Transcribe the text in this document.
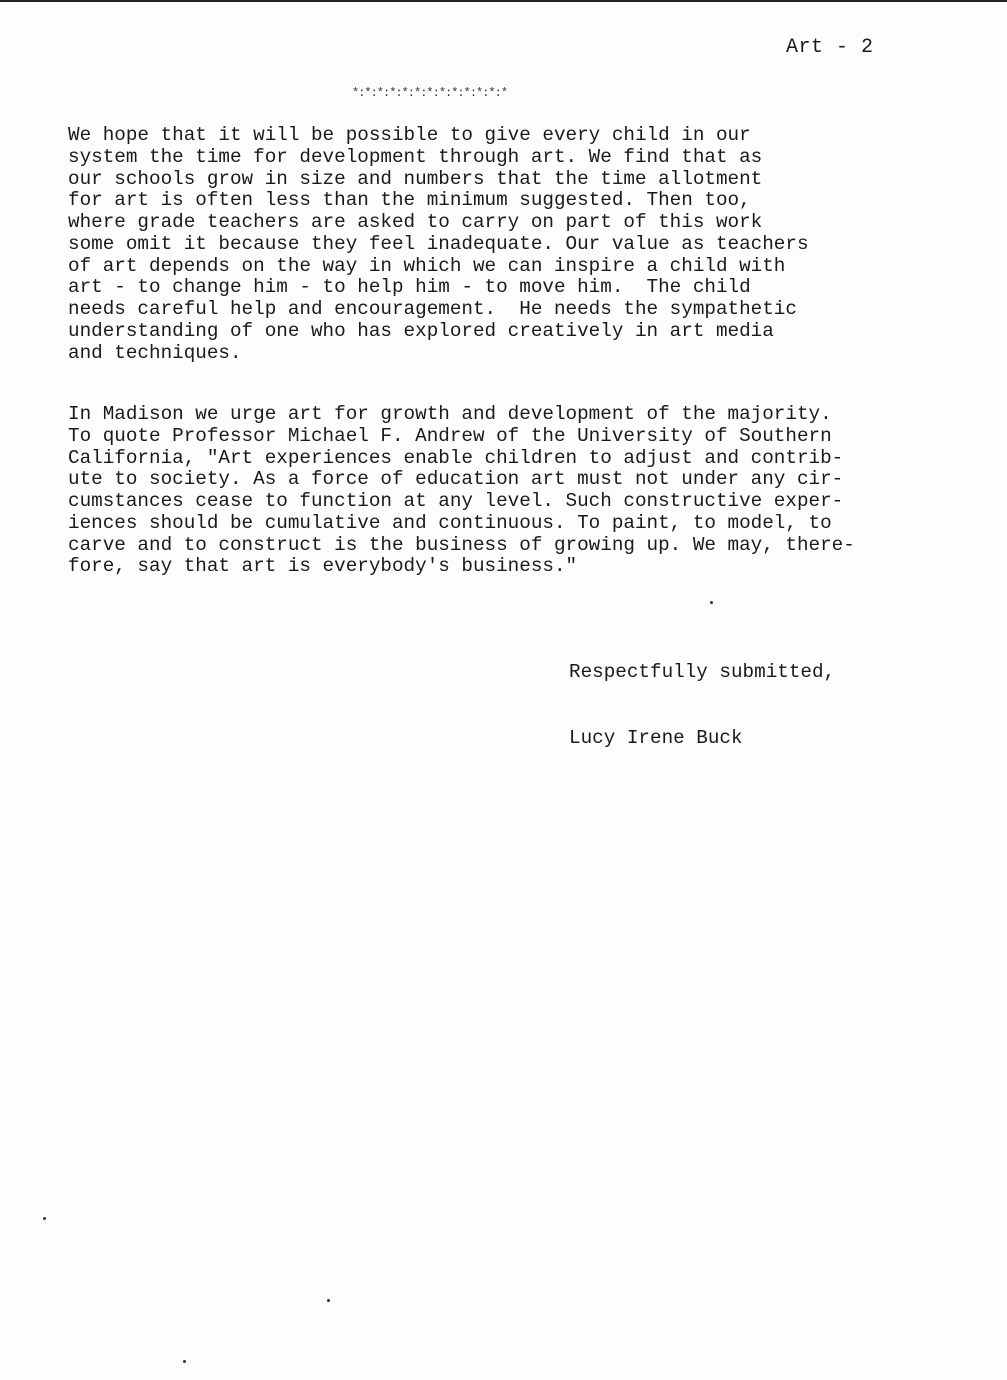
Art - 2
*:*:*:*:*:*:*:*:*:*:*:*:*

We hope that it will be possible to give every child in our
system the time for development through art. We find that as
our schools grow in size and numbers that the time allotment
for art is often less than the minimum suggested. Then too,
where grade teachers are asked to carry on part of this work
some omit it because they feel inadequate. Our value as teachers
of art depends on the way in which we can inspire a child with
art - to change him - to help him - to move him.  The child
needs careful help and encouragement.  He needs the sympathetic
understanding of one who has explored creatively in art media
and techniques.

In Madison we urge art for growth and development of the majority.
To quote Professor Michael F. Andrew of the University of Southern
California, "Art experiences enable children to adjust and contrib-
ute to society. As a force of education art must not under any cir-
cumstances cease to function at any level. Such constructive exper-
iences should be cumulative and continuous. To paint, to model, to
carve and to construct is the business of growing up. We may, there-
fore, say that art is everybody's business."

Respectfully submitted,
Lucy Irene Buck
